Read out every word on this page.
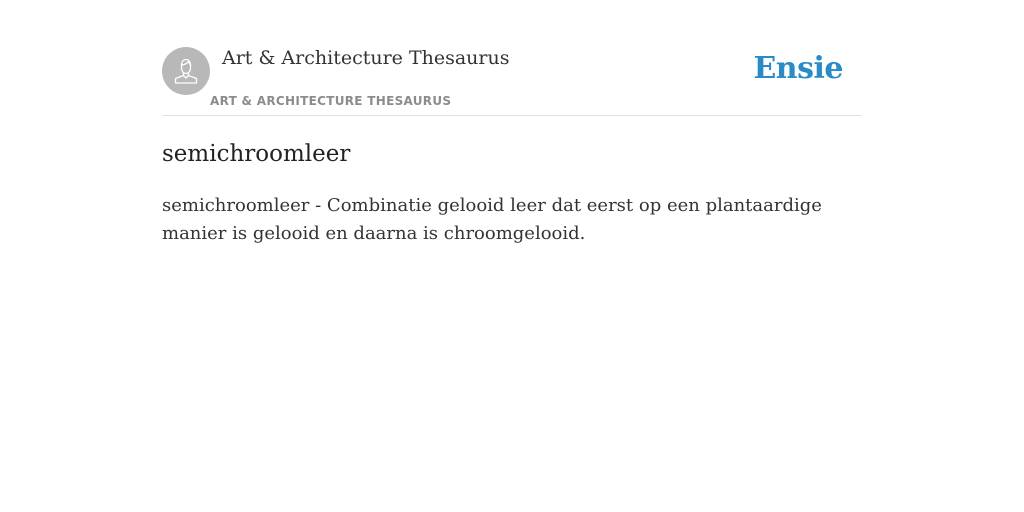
Art & Architecture Thesaurus
ART & ARCHITECTURE THESAURUS
Ensie
semichroomleer

semichroomleer - Combinatie gelooid leer dat eerst op een plantaardige manier is gelooid en daarna is chroomgelooid.
